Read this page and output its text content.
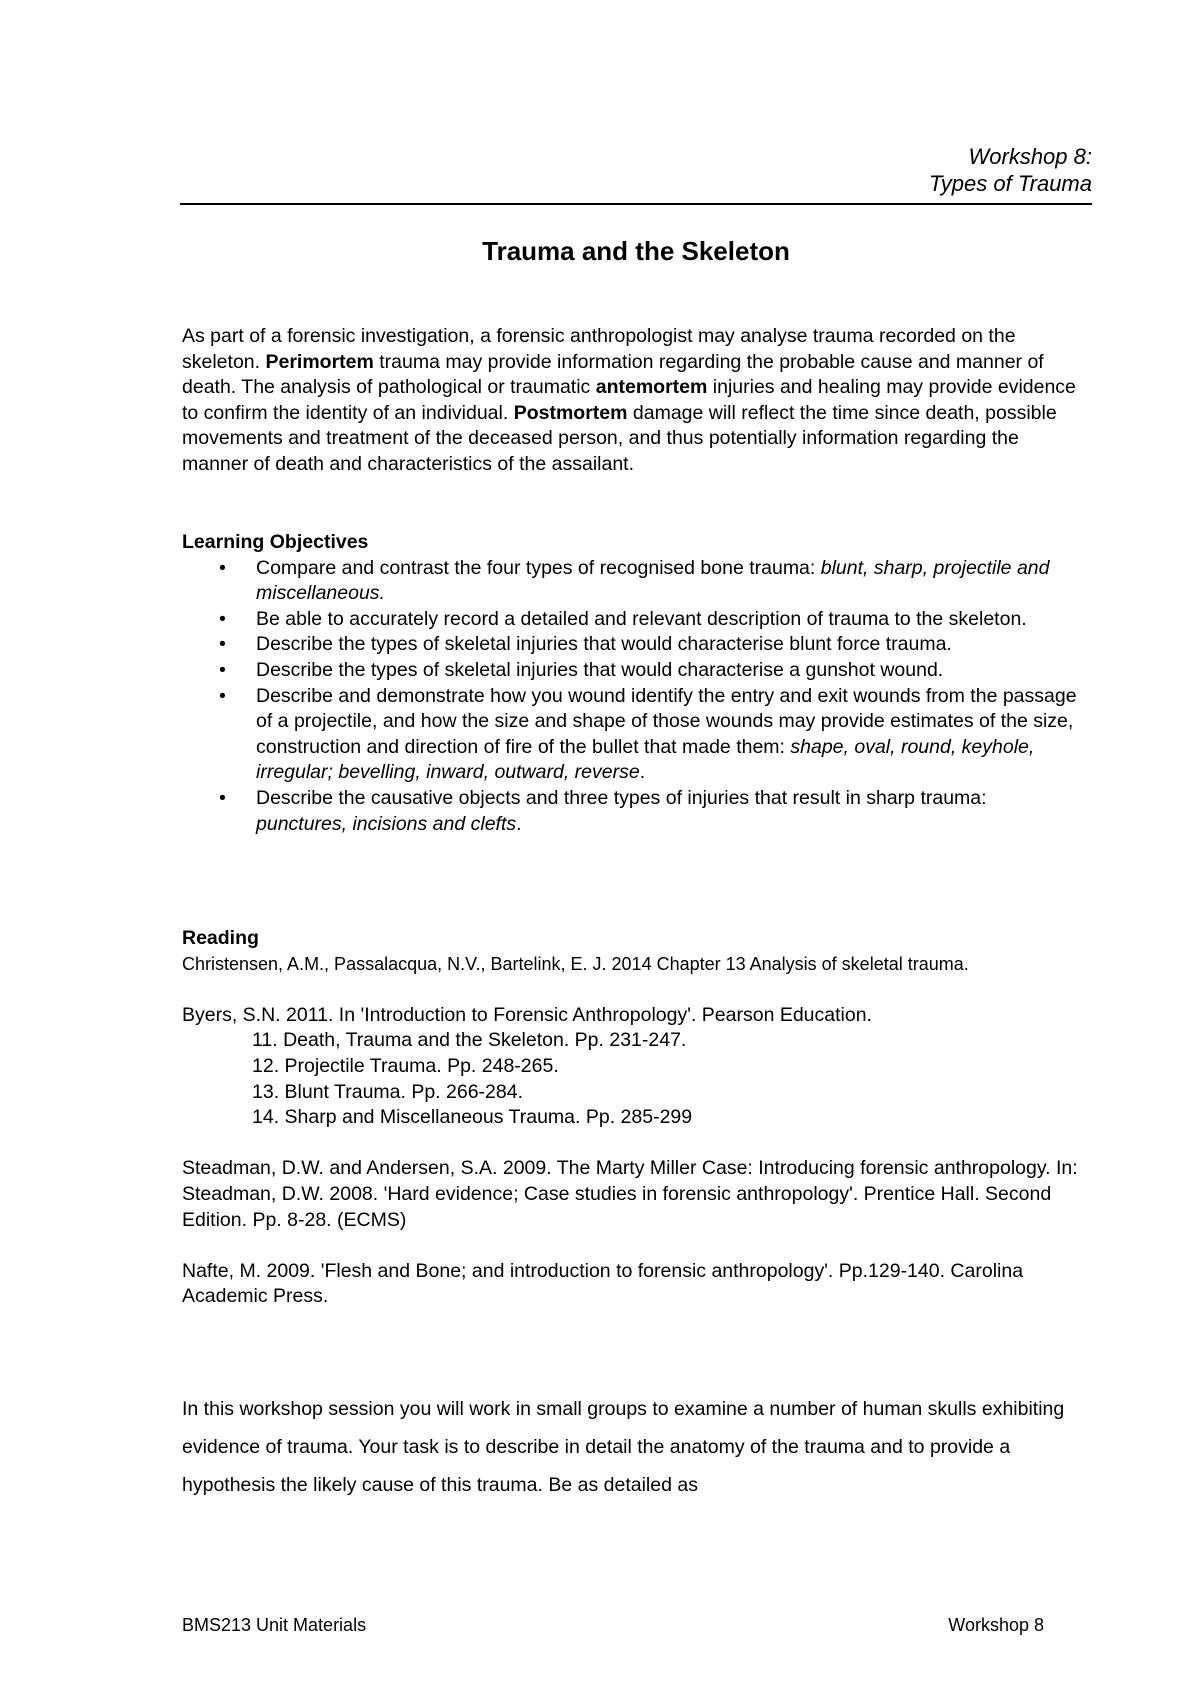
Workshop 8:
Types of Trauma
Trauma and the Skeleton
As part of a forensic investigation, a forensic anthropologist may analyse trauma recorded on the skeleton. Perimortem trauma may provide information regarding the probable cause and manner of death. The analysis of pathological or traumatic antemortem injuries and healing may provide evidence to confirm the identity of an individual. Postmortem damage will reflect the time since death, possible movements and treatment of the deceased person, and thus potentially information regarding the manner of death and characteristics of the assailant.
Learning Objectives
• Compare and contrast the four types of recognised bone trauma: blunt, sharp, projectile and miscellaneous.
• Be able to accurately record a detailed and relevant description of trauma to the skeleton.
• Describe the types of skeletal injuries that would characterise blunt force trauma.
• Describe the types of skeletal injuries that would characterise a gunshot wound.
• Describe and demonstrate how you wound identify the entry and exit wounds from the passage of a projectile, and how the size and shape of those wounds may provide estimates of the size, construction and direction of fire of the bullet that made them: shape, oval, round, keyhole, irregular; bevelling, inward, outward, reverse.
• Describe the causative objects and three types of injuries that result in sharp trauma: punctures, incisions and clefts.
Reading
Christensen, A.M., Passalacqua, N.V., Bartelink, E. J. 2014 Chapter 13 Analysis of skeletal trauma.
Byers, S.N. 2011. In 'Introduction to Forensic Anthropology'. Pearson Education.
11. Death, Trauma and the Skeleton. Pp. 231-247.
12. Projectile Trauma. Pp. 248-265.
13. Blunt Trauma. Pp. 266-284.
14. Sharp and Miscellaneous Trauma. Pp. 285-299
Steadman, D.W. and Andersen, S.A. 2009. The Marty Miller Case: Introducing forensic anthropology. In: Steadman, D.W. 2008. 'Hard evidence; Case studies in forensic anthropology'. Prentice Hall. Second Edition. Pp. 8-28. (ECMS)
Nafte, M. 2009. 'Flesh and Bone; and introduction to forensic anthropology'. Pp.129-140. Carolina Academic Press.
In this workshop session you will work in small groups to examine a number of human skulls exhibiting evidence of trauma. Your task is to describe in detail the anatomy of the trauma and to provide a hypothesis the likely cause of this trauma. Be as detailed as
BMS213 Unit Materials	Workshop 8
